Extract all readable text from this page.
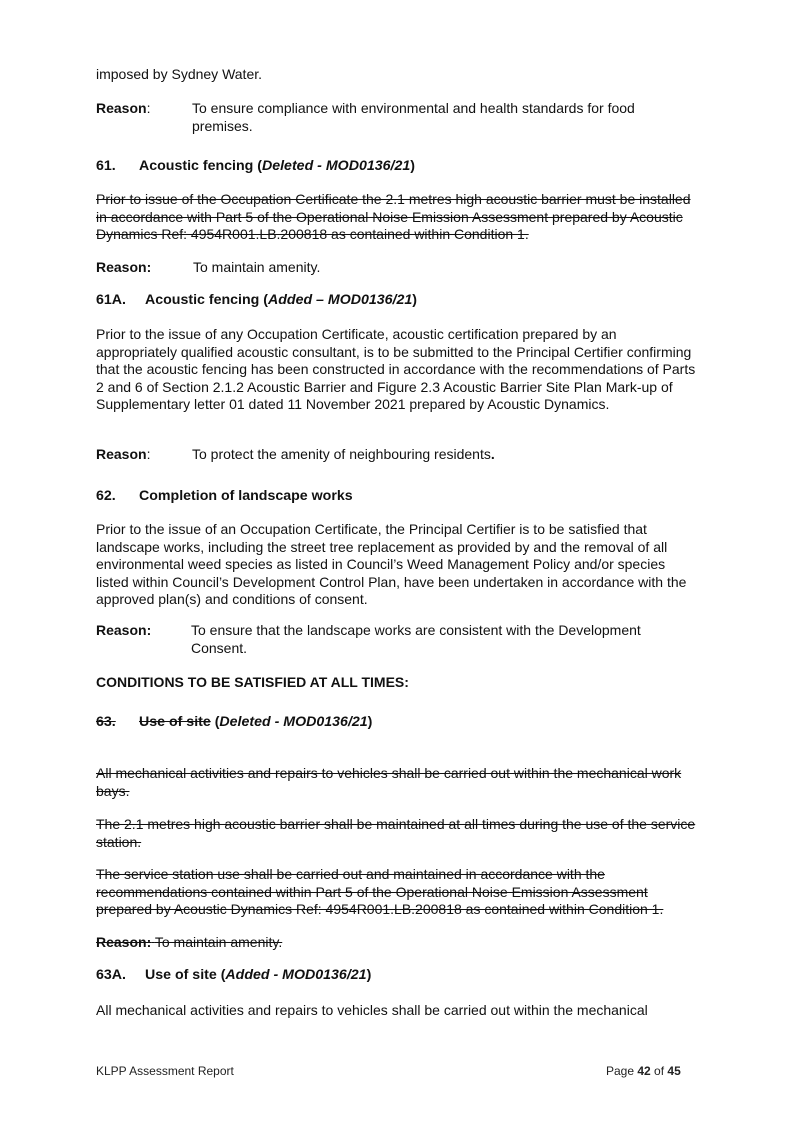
imposed by Sydney Water.
Reason:	To ensure compliance with environmental and health standards for food premises.
61. Acoustic fencing (Deleted - MOD0136/21)
Prior to issue of the Occupation Certificate the 2.1 metres high acoustic barrier must be installed in accordance with Part 5 of the Operational Noise Emission Assessment prepared by Acoustic Dynamics Ref: 4954R001.LB.200818 as contained within Condition 1.
Reason:	To maintain amenity.
61A. Acoustic fencing (Added – MOD0136/21)
Prior to the issue of any Occupation Certificate, acoustic certification prepared by an appropriately qualified acoustic consultant, is to be submitted to the Principal Certifier confirming that the acoustic fencing has been constructed in accordance with the recommendations of Parts 2 and 6 of Section 2.1.2 Acoustic Barrier and Figure 2.3 Acoustic Barrier Site Plan Mark-up of Supplementary letter 01 dated 11 November 2021 prepared by Acoustic Dynamics.
Reason:	To protect the amenity of neighbouring residents.
62. Completion of landscape works
Prior to the issue of an Occupation Certificate, the Principal Certifier is to be satisfied that landscape works, including the street tree replacement as provided by and the removal of all environmental weed species as listed in Council’s Weed Management Policy and/or species listed within Council’s Development Control Plan, have been undertaken in accordance with the approved plan(s) and conditions of consent.
Reason:	To ensure that the landscape works are consistent with the Development Consent.
CONDITIONS TO BE SATISFIED AT ALL TIMES:
63. Use of site (Deleted - MOD0136/21)
All mechanical activities and repairs to vehicles shall be carried out within the mechanical work bays.
The 2.1 metres high acoustic barrier shall be maintained at all times during the use of the service station.
The service station use shall be carried out and maintained in accordance with the recommendations contained within Part 5 of the Operational Noise Emission Assessment prepared by Acoustic Dynamics Ref: 4954R001.LB.200818 as contained within Condition 1.
Reason: To maintain amenity.
63A. Use of site (Added - MOD0136/21)
All mechanical activities and repairs to vehicles shall be carried out within the mechanical
KLPP Assessment Report	Page 42 of 45
